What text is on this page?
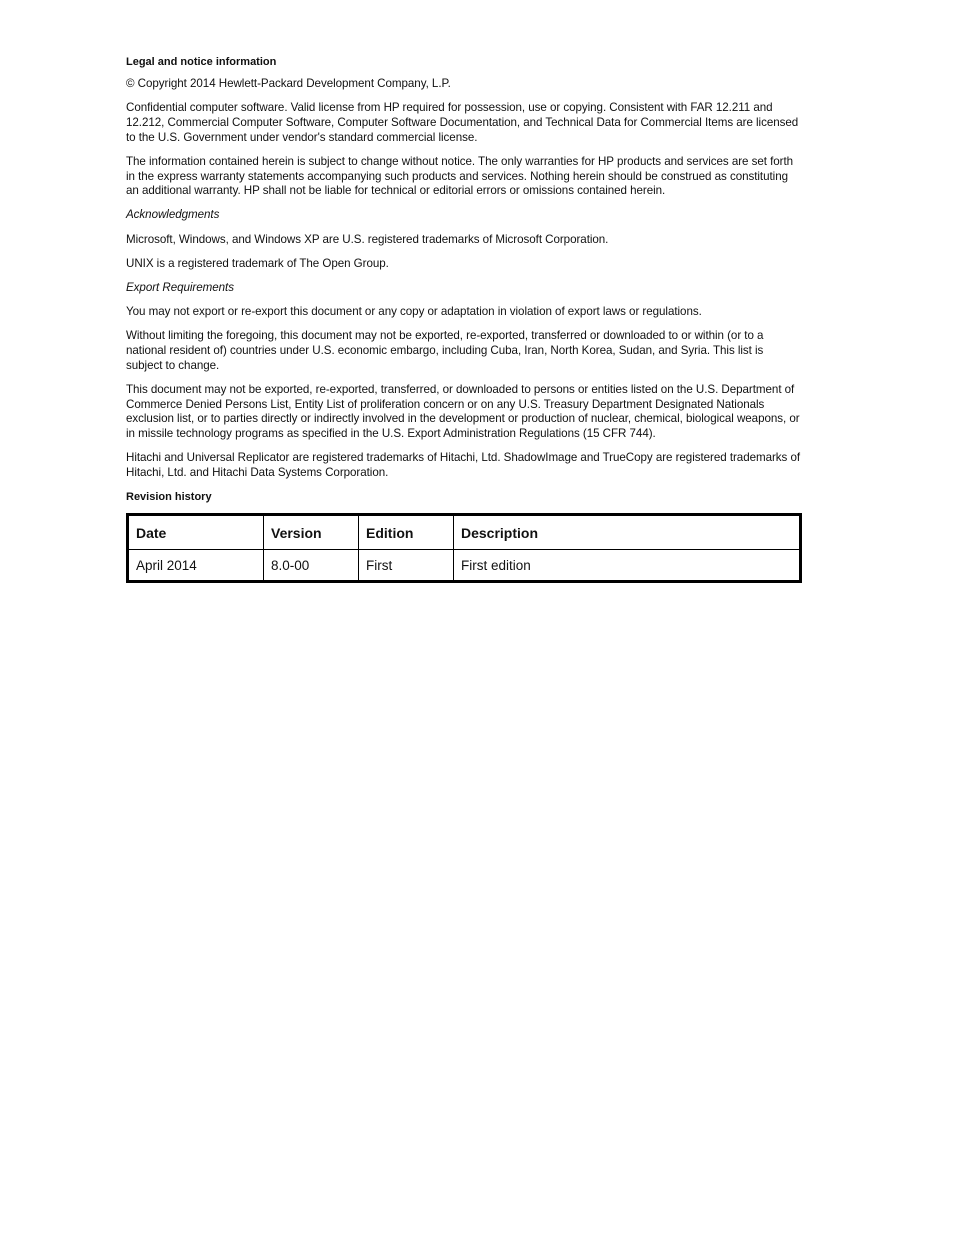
Legal and notice information

© Copyright 2014 Hewlett-Packard Development Company, L.P.

Confidential computer software. Valid license from HP required for possession, use or copying. Consistent with FAR 12.211 and 12.212, Commercial Computer Software, Computer Software Documentation, and Technical Data for Commercial Items are licensed to the U.S. Government under vendor's standard commercial license.

The information contained herein is subject to change without notice. The only warranties for HP products and services are set forth in the express warranty statements accompanying such products and services. Nothing herein should be construed as constituting an additional warranty. HP shall not be liable for technical or editorial errors or omissions contained herein.

Acknowledgments

Microsoft, Windows, and Windows XP are U.S. registered trademarks of Microsoft Corporation.

UNIX is a registered trademark of The Open Group.

Export Requirements

You may not export or re-export this document or any copy or adaptation in violation of export laws or regulations.

Without limiting the foregoing, this document may not be exported, re-exported, transferred or downloaded to or within (or to a national resident of) countries under U.S. economic embargo, including Cuba, Iran, North Korea, Sudan, and Syria. This list is subject to change.

This document may not be exported, re-exported, transferred, or downloaded to persons or entities listed on the U.S. Department of Commerce Denied Persons List, Entity List of proliferation concern or on any U.S. Treasury Department Designated Nationals exclusion list, or to parties directly or indirectly involved in the development or production of nuclear, chemical, biological weapons, or in missile technology programs as specified in the U.S. Export Administration Regulations (15 CFR 744).

Hitachi and Universal Replicator are registered trademarks of Hitachi, Ltd. ShadowImage and TrueCopy are registered trademarks of Hitachi, Ltd. and Hitachi Data Systems Corporation.

Revision history
Date	Version	Edition	Description
April 2014	8.0-00	First	First edition
